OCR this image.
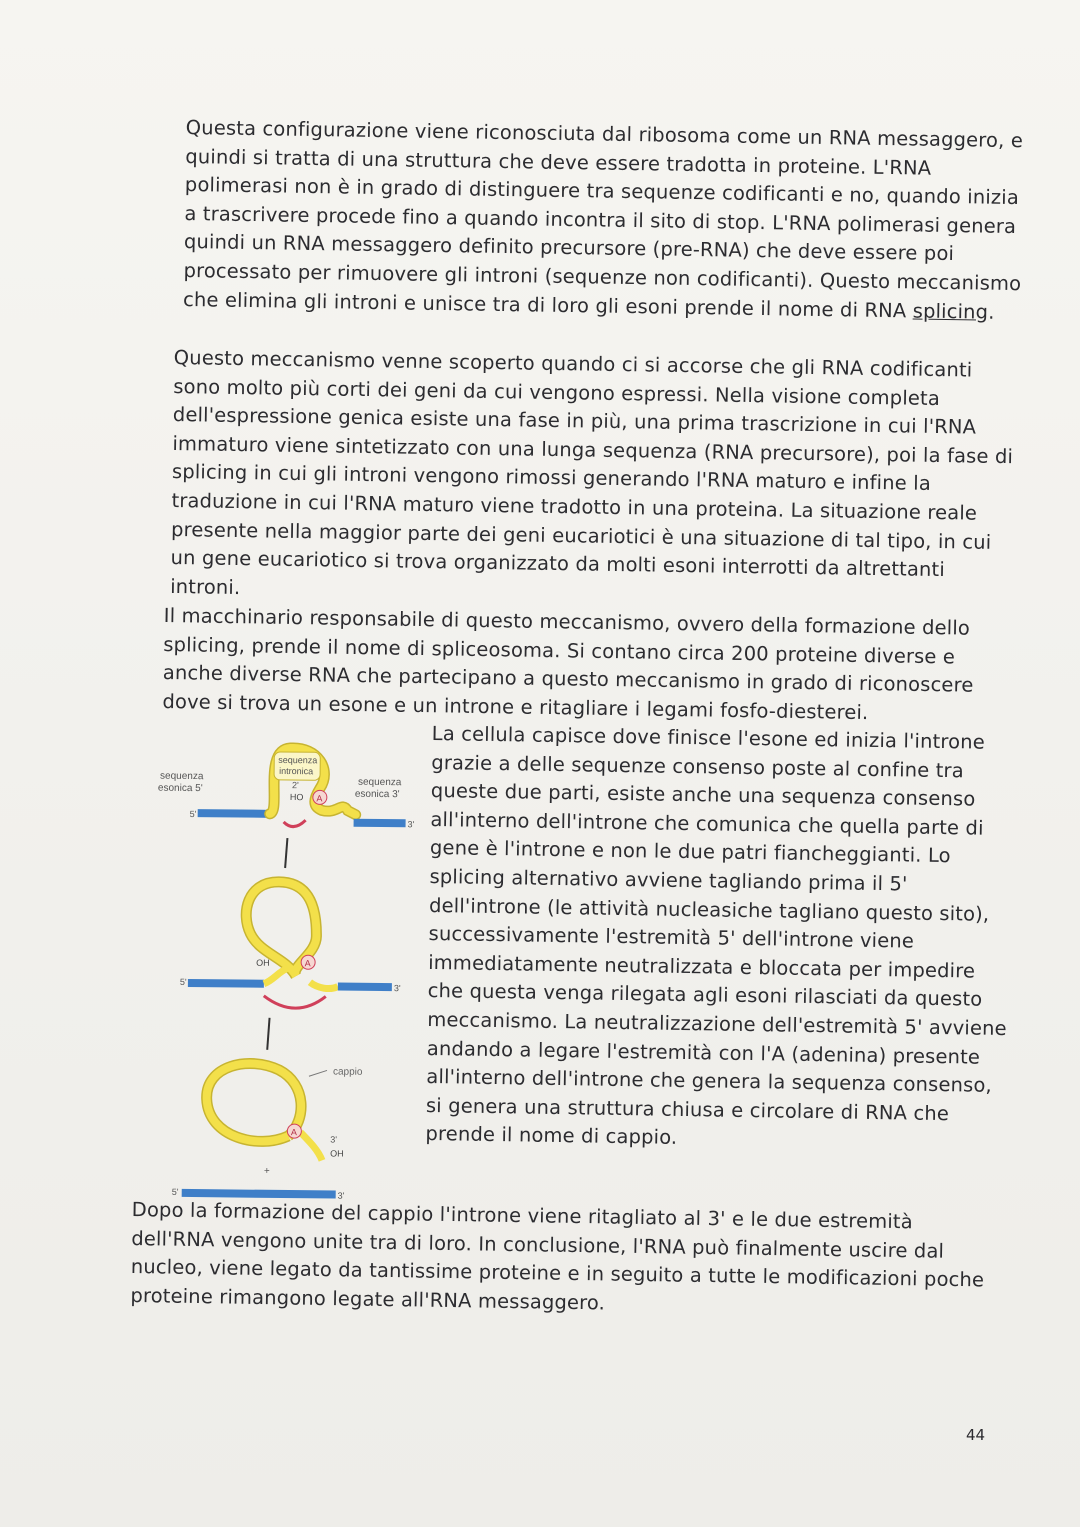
Questa configurazione viene riconosciuta dal ribosoma come un RNA messaggero, e quindi si tratta di una struttura che deve essere tradotta in proteine. L'RNA polimerasi non è in grado di distinguere tra sequenze codificanti e no, quando inizia a trascrivere procede fino a quando incontra il sito di stop. L'RNA polimerasi genera quindi un RNA messaggero definito precursore (pre-RNA) che deve essere poi processato per rimuovere gli introni (sequenze non codificanti). Questo meccanismo che elimina gli introni e unisce tra di loro gli esoni prende il nome di RNA splicing.

Questo meccanismo venne scoperto quando ci si accorse che gli RNA codificanti sono molto più corti dei geni da cui vengono espressi. Nella visione completa dell'espressione genica esiste una fase in più, una prima trascrizione in cui l'RNA immaturo viene sintetizzato con una lunga sequenza (RNA precursore), poi la fase di splicing in cui gli introni vengono rimossi generando l'RNA maturo e infine la traduzione in cui l'RNA maturo viene tradotto in una proteina. La situazione reale presente nella maggior parte dei geni eucariotici è una situazione di tal tipo, in cui un gene eucariotico si trova organizzato da molti esoni interrotti da altrettanti introni.

Il macchinario responsabile di questo meccanismo, ovvero della formazione dello splicing, prende il nome di spliceosoma. Si contano circa 200 proteine diverse e anche diverse RNA che partecipano a questo meccanismo in grado di riconoscere dove si trova un esone e un introne e ritagliare i legami fosfo-diesterei.

La cellula capisce dove finisce l'esone ed inizia l'introne grazie a delle sequenze consenso poste al confine tra queste due parti, esiste anche una sequenza consenso all'interno dell'introne che comunica che quella parte di gene è l'introne e non le due patri fiancheggianti. Lo splicing alternativo avviene tagliando prima il 5' dell'introne (le attività nucleasiche tagliano questo sito), successivamente l'estremità 5' dell'introne viene immediatamente neutralizzata e bloccata per impedire che questa venga rilegata agli esoni rilasciati da questo meccanismo. La neutralizzazione dell'estremità 5' avviene andando a legare l'estremità con l'A (adenina) presente all'interno dell'introne che genera la sequenza consenso, si genera una struttura chiusa e circolare di RNA che prende il nome di cappio.

Dopo la formazione del cappio l'introne viene ritagliato al 3' e le due estremità dell'RNA vengono unite tra di loro. In conclusione, l'RNA può finalmente uscire dal nucleo, viene legato da tantissime proteine e in seguito a tutte le modificazioni poche proteine rimangono legate all'RNA messaggero.

sequenza
esonica 5'
5'
sequenza
intronica
2'
HO A
sequenza
esonica 3'
3'
5'
OH	A
3'
A
cappio
3'
OH
+
5'	3'
44
